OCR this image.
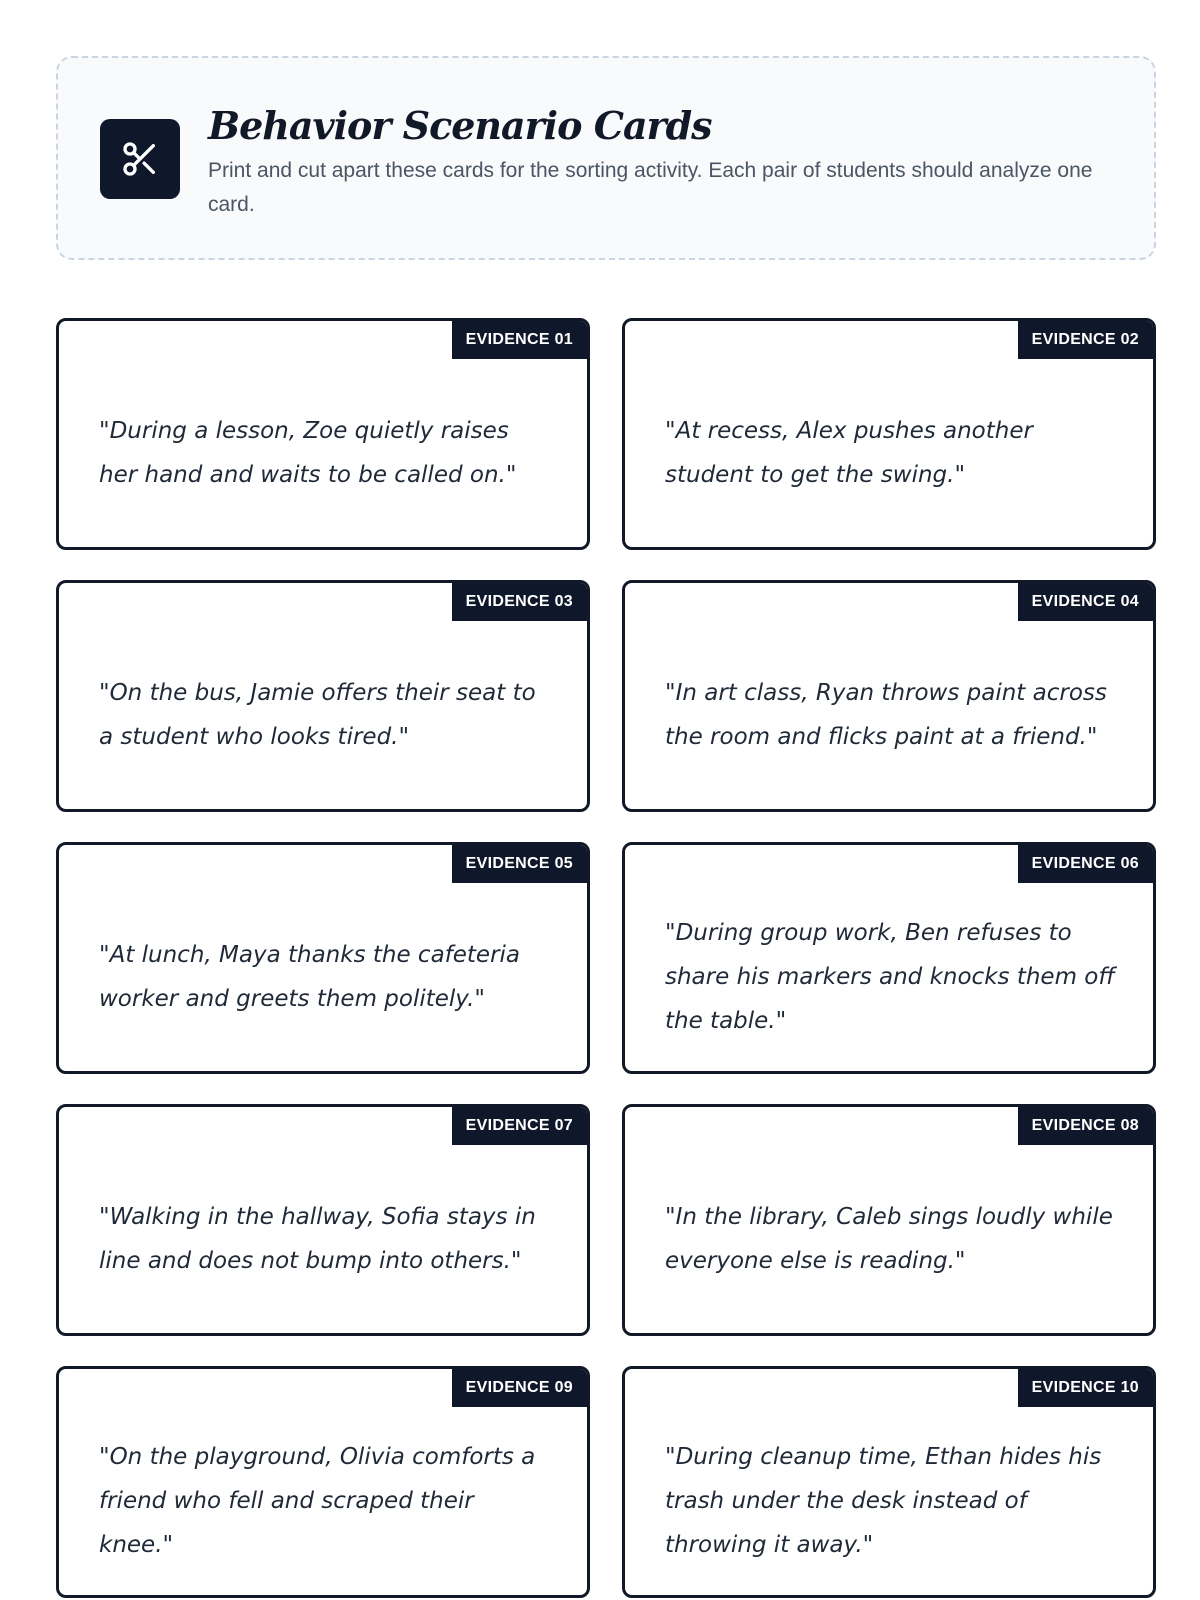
Behavior Scenario Cards

Print and cut apart these cards for the sorting activity. Each pair of students should analyze one card.

EVIDENCE 01

"During a lesson, Zoe quietly raises her hand and waits to be called on."

EVIDENCE 02

"At recess, Alex pushes another student to get the swing."

EVIDENCE 03

"On the bus, Jamie offers their seat to a student who looks tired."

EVIDENCE 04

"In art class, Ryan throws paint across the room and flicks paint at a friend."

EVIDENCE 05

"At lunch, Maya thanks the cafeteria worker and greets them politely."

EVIDENCE 06

"During group work, Ben refuses to share his markers and knocks them off the table."

EVIDENCE 07

"Walking in the hallway, Sofia stays in line and does not bump into others."

EVIDENCE 08

"In the library, Caleb sings loudly while everyone else is reading."

EVIDENCE 09

"On the playground, Olivia comforts a friend who fell and scraped their knee."

EVIDENCE 10

"During cleanup time, Ethan hides his trash under the desk instead of throwing it away."
